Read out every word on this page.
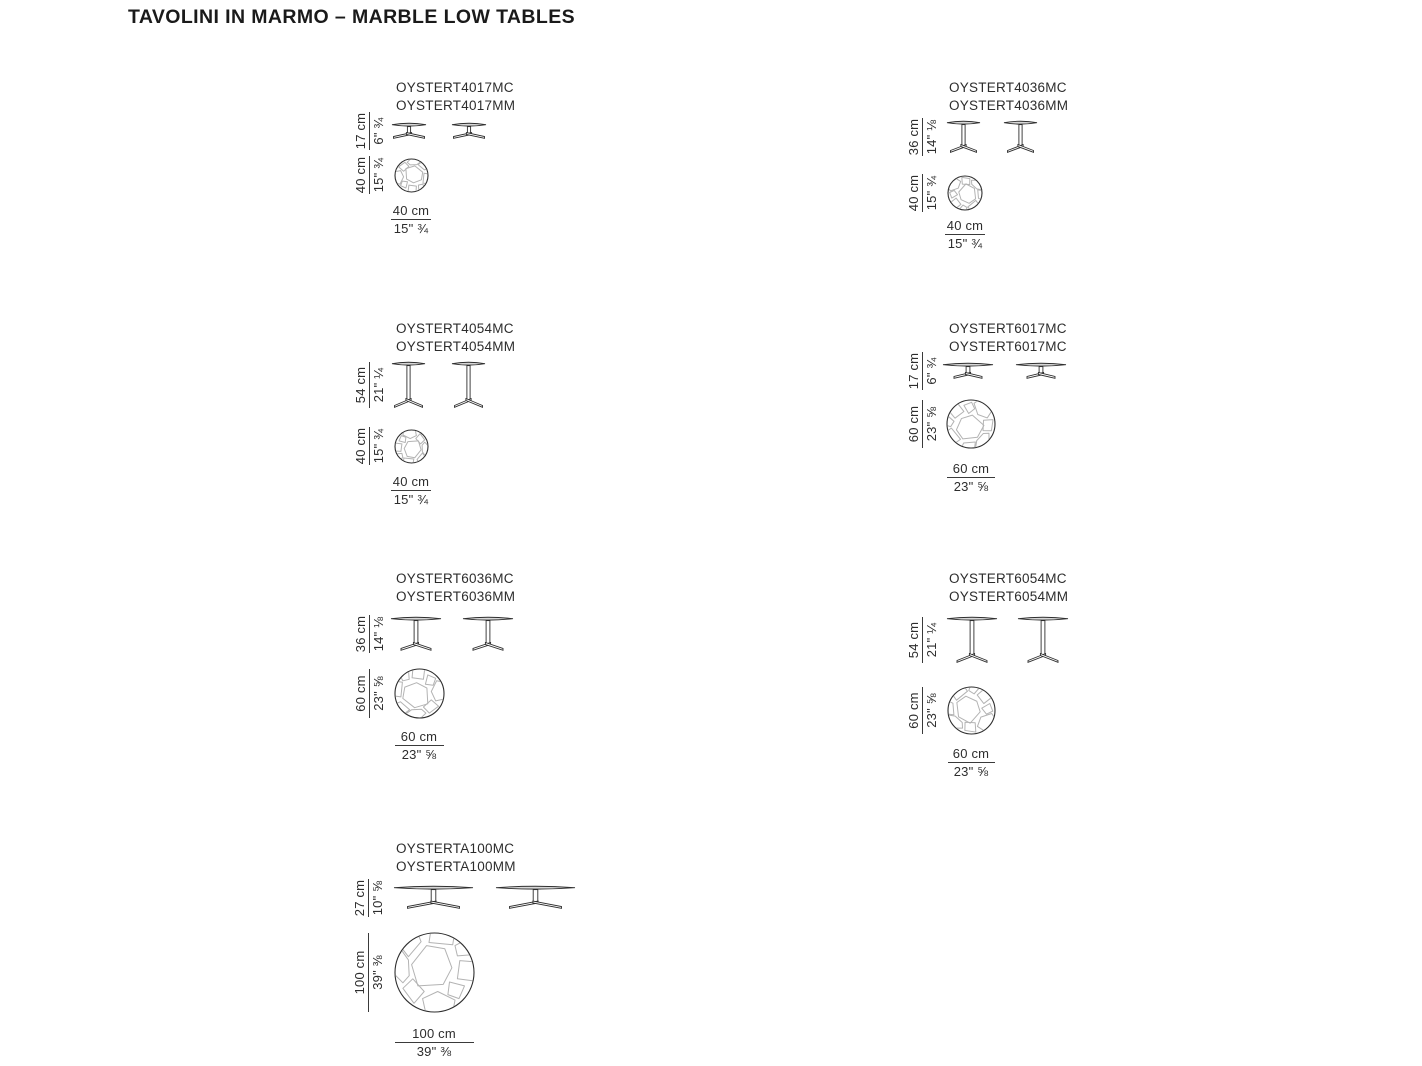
TAVOLINI IN MARMO – MARBLE LOW TABLES
OYSTERT4017MC
OYSTERT4017MM
17 cm 6" ¾
40 cm 15" ¾
40 cm
15" ¾
OYSTERT4036MC
OYSTERT4036MM
36 cm 14" ⅛
40 cm 15" ¾
40 cm
15" ¾
OYSTERT4054MC
OYSTERT4054MM
54 cm 21" ¼
40 cm 15" ¾
40 cm
15" ¾
OYSTERT6017MC
OYSTERT6017MC
17 cm 6" ¾
60 cm 23" ⅝
60 cm
23" ⅝
OYSTERT6036MC
OYSTERT6036MM
36 cm 14" ⅛
60 cm 23" ⅝
60 cm
23" ⅝
OYSTERT6054MC
OYSTERT6054MM
54 cm 21" ¼
60 cm 23" ⅝
60 cm
23" ⅝
OYSTERTA100MC
OYSTERTA100MM
27 cm 10" ⅝
100 cm 39" ⅜
100 cm
39" ⅜
